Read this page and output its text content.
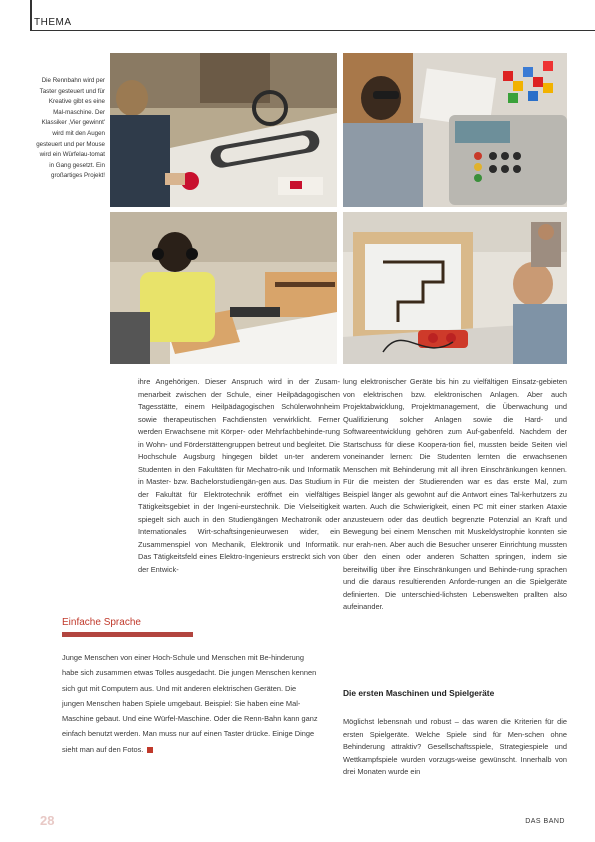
THEMA
Die Rennbahn wird per Taster gesteuert und für Kreative gibt es eine Mal-maschine. Der Klassiker ‚Vier gewinnt' wird mit den Augen gesteuert und per Mouse wird ein Würfelau-tomat in Gang gesetzt. Ein großartiges Projekt!

ihre Angehörigen. Dieser Anspruch wird in der Zusam-menarbeit zwischen der Schule, einer Heilpädagogischen Tagesstätte, einem Heilpädagogischen Schülerwohnheim sowie therapeutischen Fachdiensten verwirklicht. Ferner werden Erwachsene mit Körper- oder Mehrfachbehinde-rung in Wohn- und Förderstättengruppen betreut und begleitet. Die Hochschule Augsburg hingegen bildet un-ter anderem Studenten in den Fakultäten für Mechatro-nik und Informatik in Master- bzw. Bachelorstudiengän-gen aus. Das Studium in der Fakultät für Elektrotechnik eröffnet ein vielfältiges Tätigkeitsgebiet in der Ingeni-eurstechnik. Die Vielseitigkeit spiegelt sich auch in den Studiengängen Mechatronik oder Internationales Wirt-schaftsingenieurwesen wider, ein Zusammenspiel von Mechanik, Elektronik und Informatik. Das Tätigkeitsfeld eines Elektro-Ingenieurs erstreckt sich von der Entwick-

lung elektronischer Geräte bis hin zu vielfältigen Einsatz-gebieten von elektrischen bzw. elektronischen Anlagen. Aber auch Projektabwicklung, Projektmanagement, die Überwachung und Qualifizierung solcher Anlagen sowie die Hard- und Softwareentwicklung gehören zum Auf-gabenfeld. Nachdem der Startschuss für diese Koopera-tion fiel, mussten beide Seiten viel voneinander lernen: Die Studenten lernten die erwachsenen Menschen mit Behinderung mit all ihren Einschränkungen kennen. Für die meisten der Studierenden war es das erste Mal, zum Beispiel länger als gewohnt auf die Antwort eines Tal-kerhutzers zu warten. Auch die Schwierigkeit, einen PC mit einer starken Ataxie anzusteuern oder das deutlich begrenzte Potenzial an Kraft und Bewegung bei einem Menschen mit Muskeldystrophie konnten sie nur erah-nen. Aber auch die Besucher unserer Einrichtung mussten über den einen oder anderen Schatten springen, indem sie bereitwillig über ihre Einschränkungen und Behinde-rung sprachen und die daraus resultierenden Anforde-rungen an die Spielgeräte definierten. Die unterschied-lichsten Lebenswelten prallten also aufeinander.

Einfache Sprache

Junge Menschen von einer Hoch-Schule und Menschen mit Be-hinderung habe sich zusammen etwas Tolles ausgedacht. Die jungen Menschen kennen sich gut mit Computern aus. Und mit anderen elektrischen Geräten. Die jungen Menschen haben Spiele umgebaut. Beispiel: Sie haben eine Mal-Maschine gebaut. Und eine Würfel-Maschine. Oder die Renn-Bahn kann ganz einfach benutzt werden. Man muss nur auf einen Taster drücke. Einige Dinge sieht man auf den Fotos.

Die ersten Maschinen und Spielgeräte

Möglichst lebensnah und robust – das waren die Kriterien für die ersten Spielgeräte. Welche Spiele sind für Men-schen ohne Behinderung attraktiv? Gesellschaftsspiele, Strategiespiele und Wettkampfspiele wurden vorzugs-weise gewünscht. Innerhalb von drei Monaten wurde ein

28	DAS BAND
